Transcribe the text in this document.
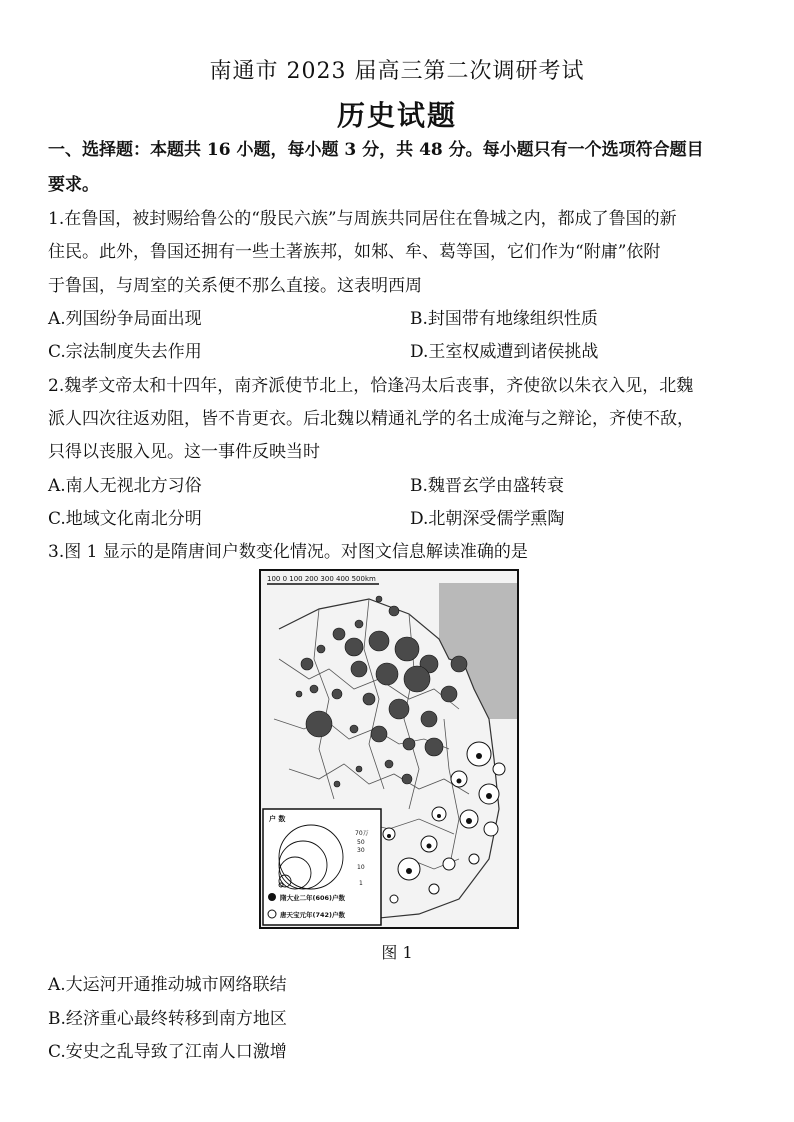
南通市 2023 届高三第二次调研考试
历史试题
一、选择题：本题共 16 小题，每小题 3 分，共 48 分。每小题只有一个选项符合题目
要求。
1.在鲁国，被封赐给鲁公的“殷民六族”与周族共同居住在鲁城之内，都成了鲁国的新
住民。此外，鲁国还拥有一些土著族邦，如邾、牟、葛等国，它们作为“附庸”依附
于鲁国，与周室的关系便不那么直接。这表明西周
A.列国纷争局面出现	B.封国带有地缘组织性质
C.宗法制度失去作用	D.王室权威遭到诸侯挑战
2.魏孝文帝太和十四年，南齐派使节北上，恰逢冯太后丧事，齐使欲以朱衣入见，北魏
派人四次往返劝阻，皆不肯更衣。后北魏以精通礼学的名士成淹与之辩论，齐使不敌，
只得以丧服入见。这一事件反映当时
A.南人无视北方习俗	B.魏晋玄学由盛转衰
C.地域文化南北分明	D.北朝深受儒学熏陶
3.图 1 显示的是隋唐间户数变化情况。对图文信息解读准确的是
100 0 100 200 300 400 500km
户 数
70万
50
30
10
1
隋大业二年(606)户数
唐天宝元年(742)户数
图 1
A.大运河开通推动城市网络联结
B.经济重心最终转移到南方地区
C.安史之乱导致了江南人口激增
